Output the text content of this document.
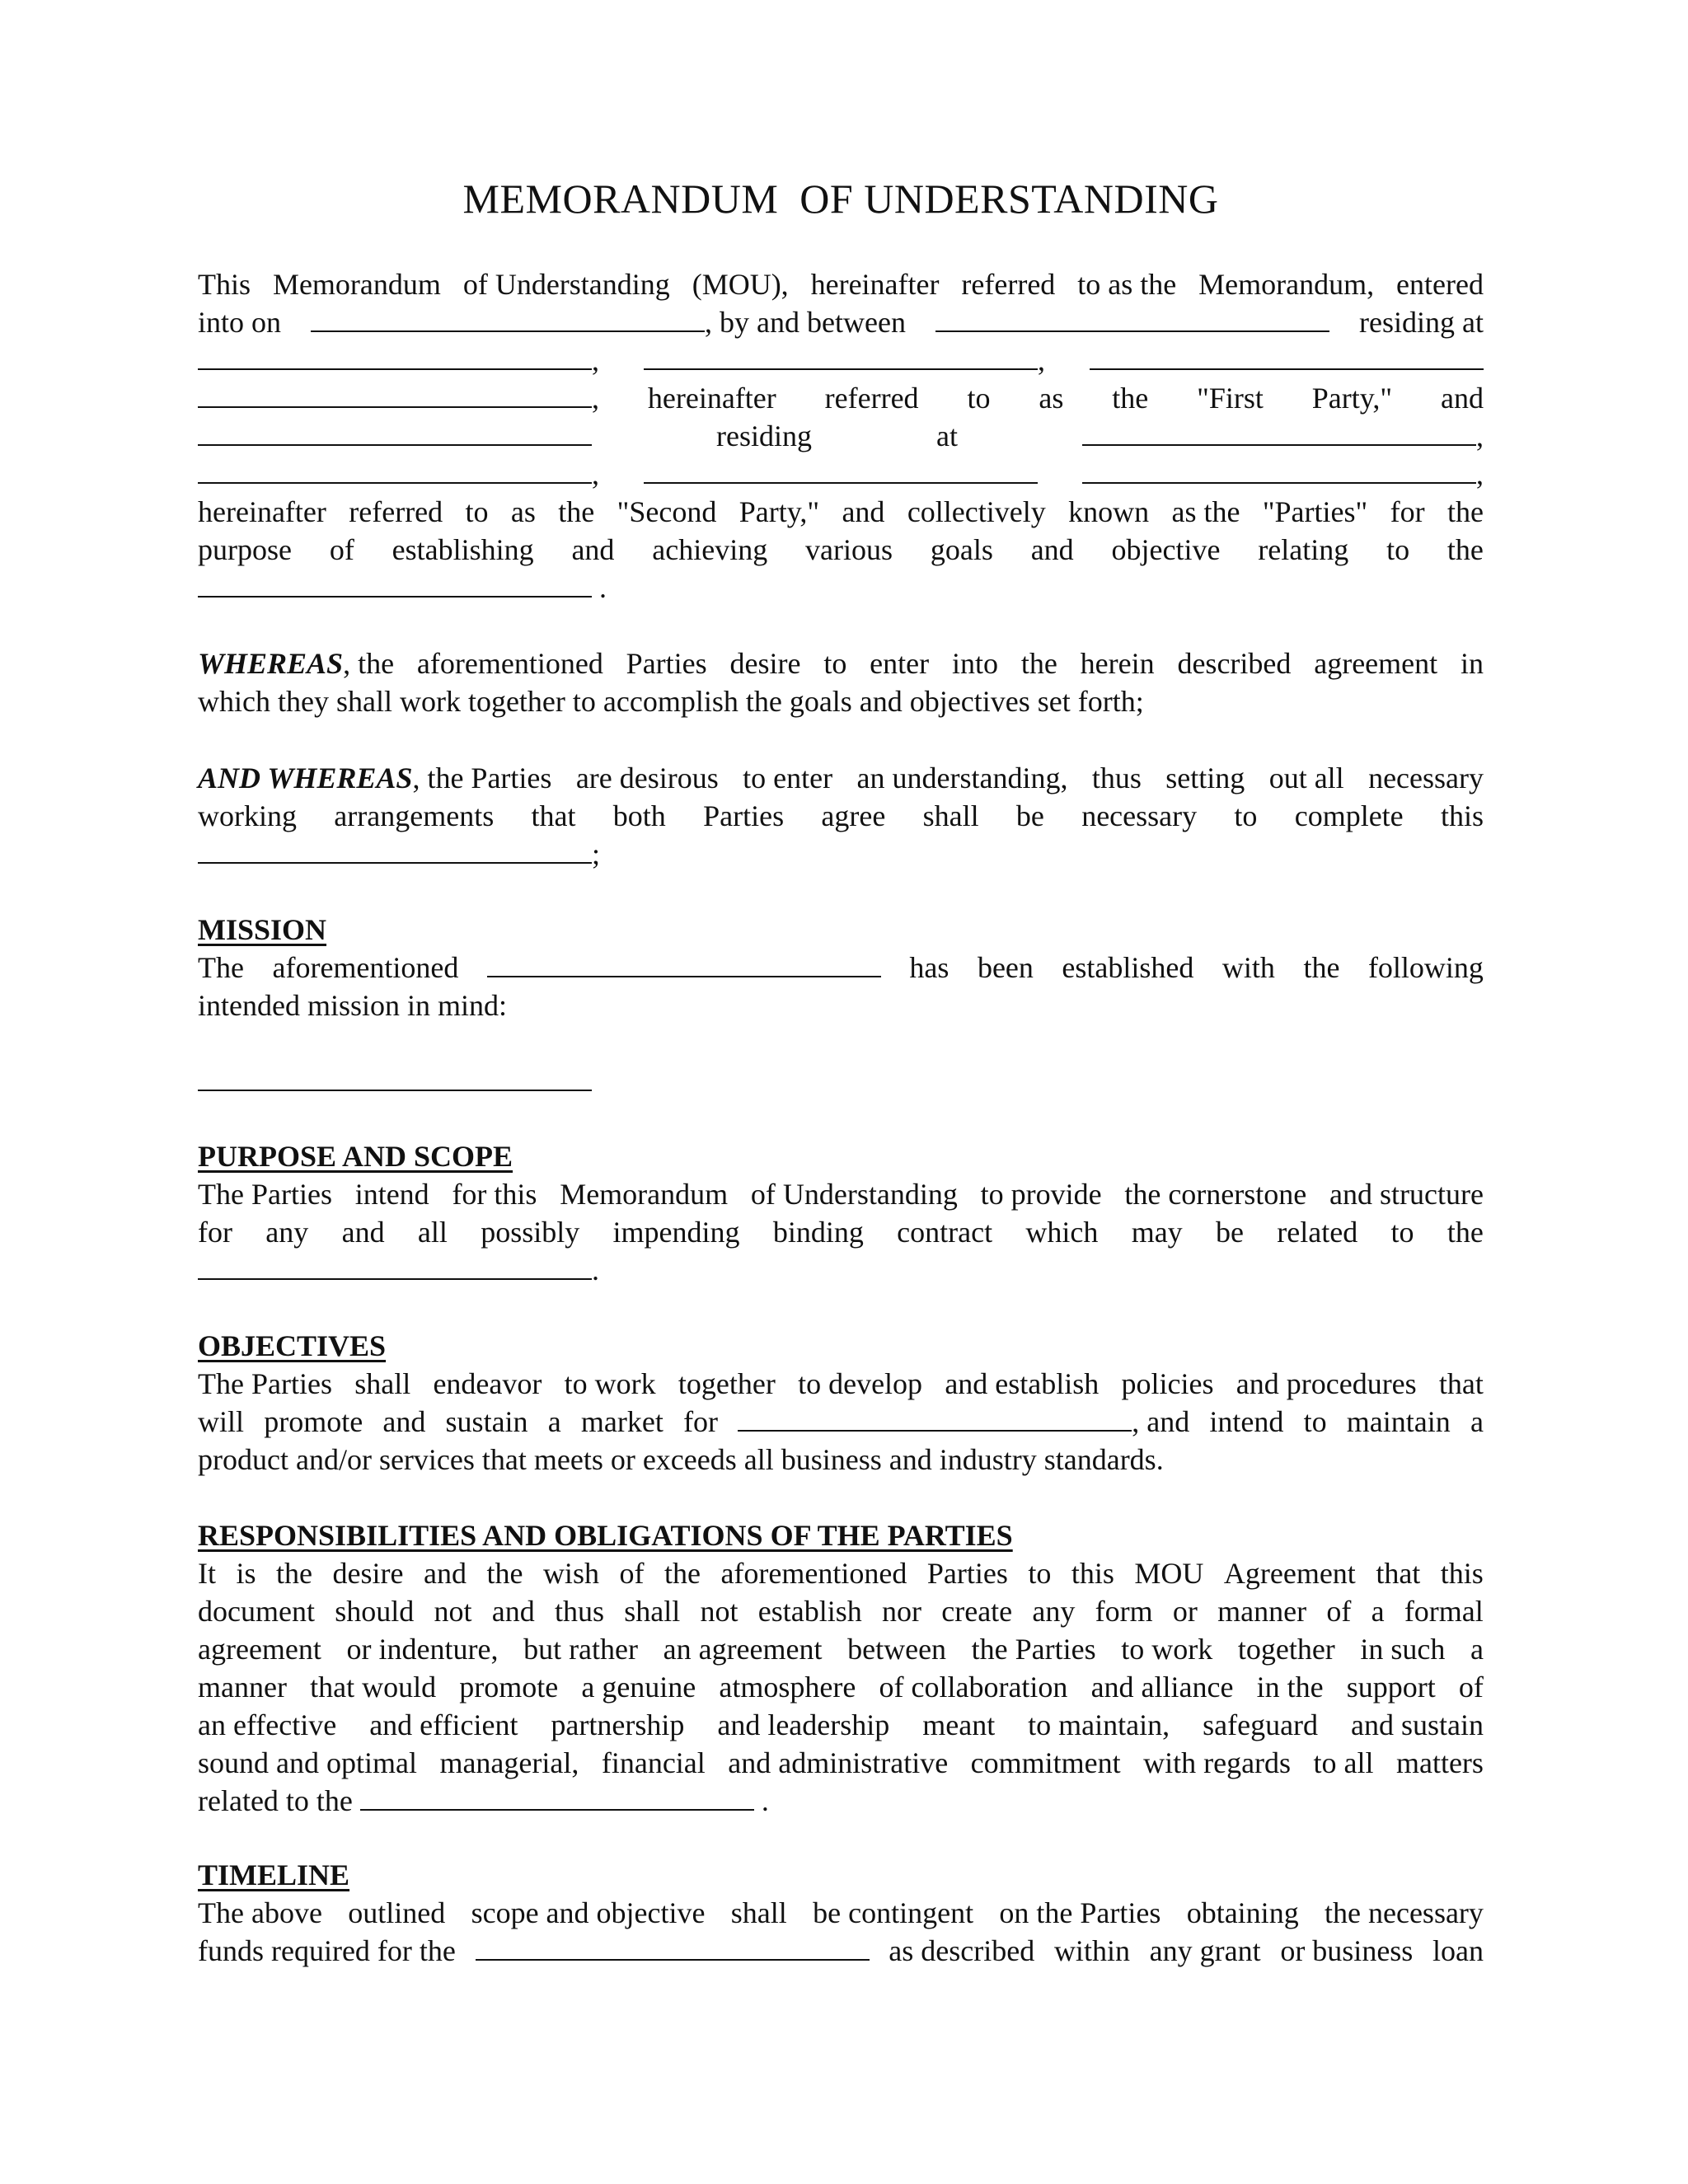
MEMORANDUM  OF UNDERSTANDING
This Memorandum of Understanding (MOU), hereinafter referred to as the Memorandum, entered
into on	, by and between	residing at
,	,
, hereinafter referred to as the "First Party," and
residing	at	,
,	,
hereinafter referred to as the "Second Party," and collectively known as the "Parties" for the
purpose of establishing and achieving various goals and objective relating to the
.
WHEREAS , the aforementioned Parties desire to enter into the herein described agreement in
which they shall work together to accomplish the goals and objectives set forth;
AND WHEREAS , the Parties are desirous to enter an understanding, thus setting out all necessary
working arrangements that both Parties agree shall be necessary to complete this
;
MISSION
The aforementioned	has been established with the following
intended mission in mind:
PURPOSE AND SCOPE
The Parties intend for this Memorandum of Understanding to provide the cornerstone and structure
for any and all possibly impending binding contract which may be related to the
.
OBJECTIVES
The Parties shall endeavor to work together to develop and establish policies and procedures that
will promote and sustain a market for	, and intend to maintain a
product and/or services that meets or exceeds all business and industry standards.
RESPONSIBILITIES AND OBLIGATIONS OF THE PARTIES
It is the desire and the wish of the aforementioned Parties to this MOU Agreement that this
document should not and thus shall not establish nor create any form or manner of a formal
agreement or indenture, but rather an agreement between the Parties to work together in such a
manner that would promote a genuine atmosphere of collaboration and alliance in the support of
an effective and efficient partnership and leadership meant to maintain, safeguard and sustain
sound and optimal managerial, financial and administrative commitment with regards to all matters
related to the	.
TIMELINE
The above outlined scope and objective shall be contingent on the Parties obtaining the necessary
funds required for the	as described within any grant or business loan
